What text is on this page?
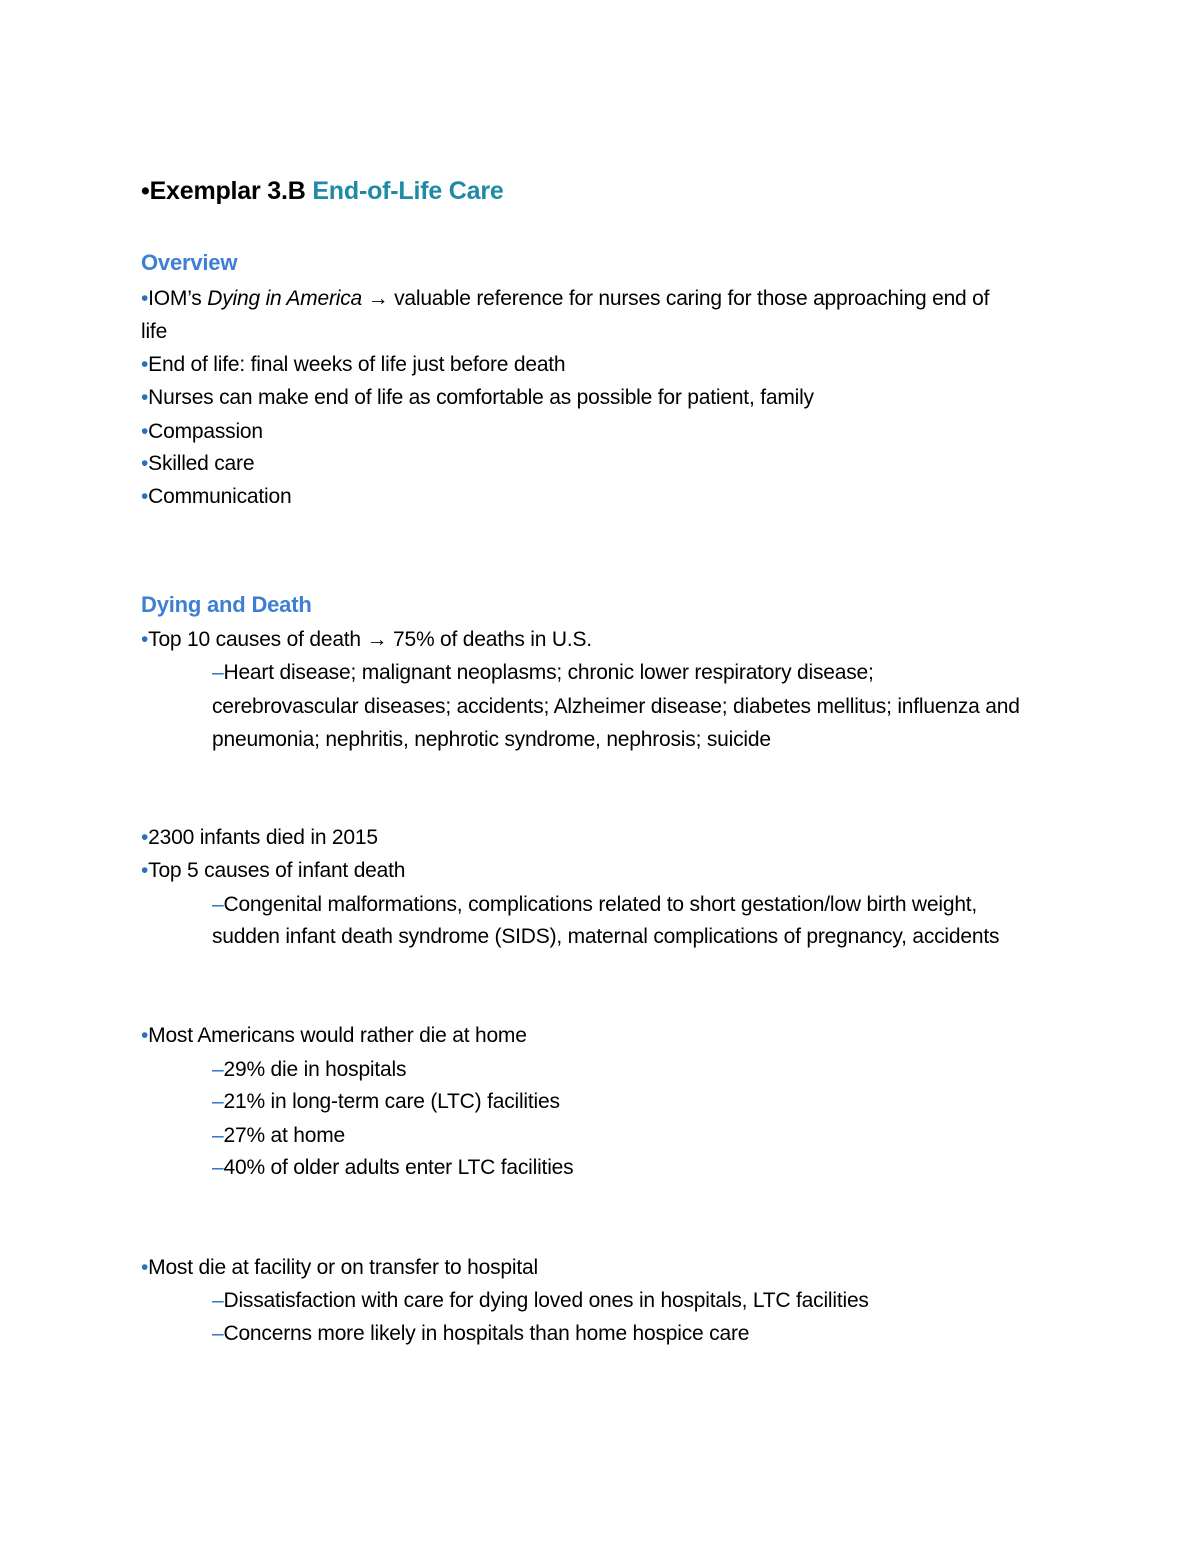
•Exemplar 3.B End-of-Life Care
Overview
•IOM’s Dying in America → valuable reference for nurses caring for those approaching end of
life
•End of life: final weeks of life just before death
•Nurses can make end of life as comfortable as possible for patient, family
•Compassion
•Skilled care
•Communication
Dying and Death
•Top 10 causes of death → 75% of deaths in U.S.
–Heart disease; malignant neoplasms; chronic lower respiratory disease;
cerebrovascular diseases; accidents; Alzheimer disease; diabetes mellitus; influenza and
pneumonia; nephritis, nephrotic syndrome, nephrosis; suicide
•2300 infants died in 2015
•Top 5 causes of infant death
–Congenital malformations, complications related to short gestation/low birth weight,
sudden infant death syndrome (SIDS), maternal complications of pregnancy, accidents
•Most Americans would rather die at home
–29% die in hospitals
–21% in long-term care (LTC) facilities
–27% at home
–40% of older adults enter LTC facilities
•Most die at facility or on transfer to hospital
–Dissatisfaction with care for dying loved ones in hospitals, LTC facilities
–Concerns more likely in hospitals than home hospice care
